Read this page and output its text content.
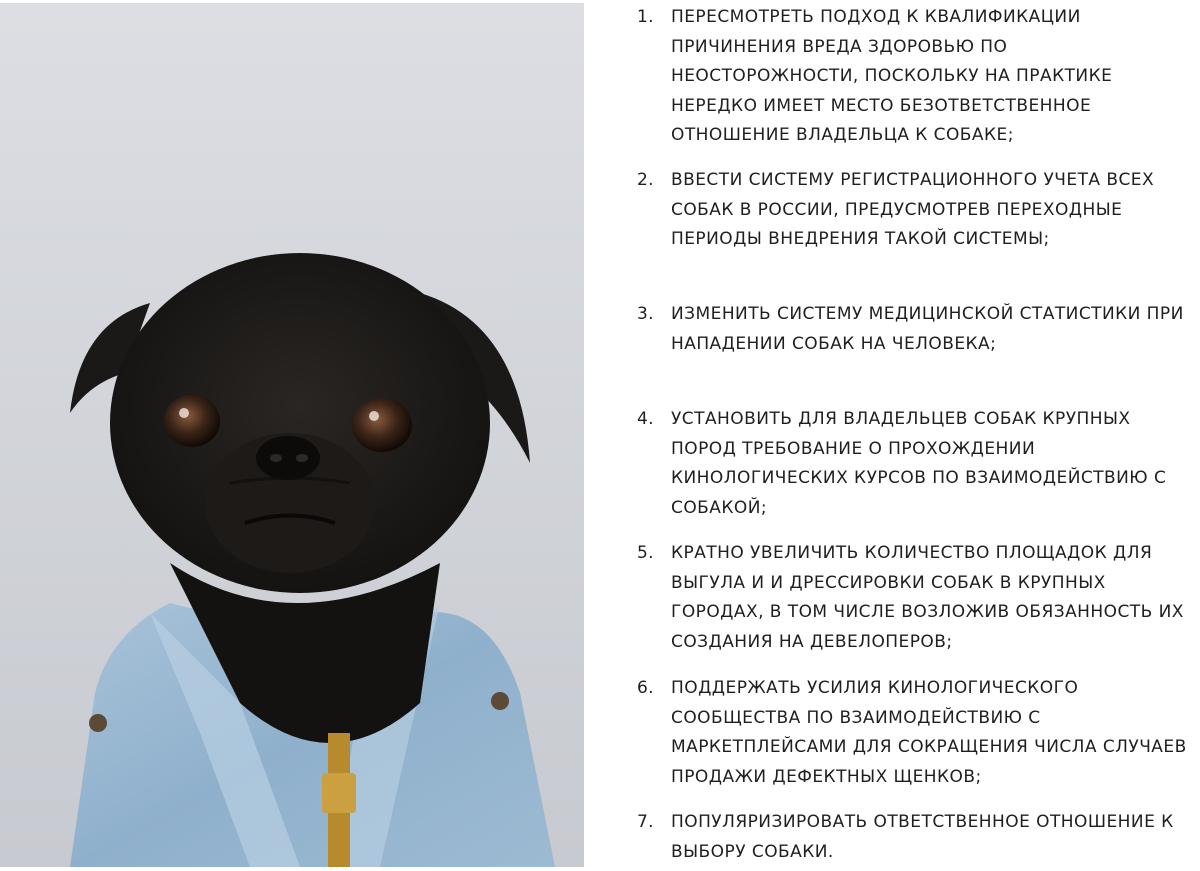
1.	ПЕРЕСМОТРЕТЬ ПОДХОД К КВАЛИФИКАЦИИ ПРИЧИНЕНИЯ ВРЕДА ЗДОРОВЬЮ ПО НЕОСТОРОЖНОСТИ, ПОСКОЛЬКУ НА ПРАКТИКЕ НЕРЕДКО ИМЕЕТ МЕСТО БЕЗОТВЕТСТВЕННОЕ ОТНОШЕНИЕ ВЛАДЕЛЬЦА К СОБАКЕ;
2.	ВВЕСТИ СИСТЕМУ РЕГИСТРАЦИОННОГО УЧЕТА ВСЕХ СОБАК В РОССИИ, ПРЕДУСМОТРЕВ ПЕРЕХОДНЫЕ ПЕРИОДЫ ВНЕДРЕНИЯ ТАКОЙ СИСТЕМЫ;
3.	ИЗМЕНИТЬ СИСТЕМУ МЕДИЦИНСКОЙ СТАТИСТИКИ ПРИ НАПАДЕНИИ СОБАК НА ЧЕЛОВЕКА;
4.	УСТАНОВИТЬ ДЛЯ ВЛАДЕЛЬЦЕВ СОБАК КРУПНЫХ ПОРОД ТРЕБОВАНИЕ О ПРОХОЖДЕНИИ КИНОЛОГИЧЕСКИХ КУРСОВ ПО ВЗАИМОДЕЙСТВИЮ С СОБАКОЙ;
5.	КРАТНО УВЕЛИЧИТЬ КОЛИЧЕСТВО ПЛОЩАДОК ДЛЯ ВЫГУЛА И И ДРЕССИРОВКИ СОБАК В КРУПНЫХ ГОРОДАХ, В ТОМ ЧИСЛЕ ВОЗЛОЖИВ ОБЯЗАННОСТЬ ИХ СОЗДАНИЯ НА ДЕВЕЛОПЕРОВ;
6.	ПОДДЕРЖАТЬ УСИЛИЯ КИНОЛОГИЧЕСКОГО СООБЩЕСТВА ПО ВЗАИМОДЕЙСТВИЮ С МАРКЕТПЛЕЙСАМИ ДЛЯ СОКРАЩЕНИЯ ЧИСЛА СЛУЧАЕВ ПРОДАЖИ ДЕФЕКТНЫХ ЩЕНКОВ;
7.	ПОПУЛЯРИЗИРОВАТЬ ОТВЕТСТВЕННОЕ ОТНОШЕНИЕ К ВЫБОРУ СОБАКИ.
